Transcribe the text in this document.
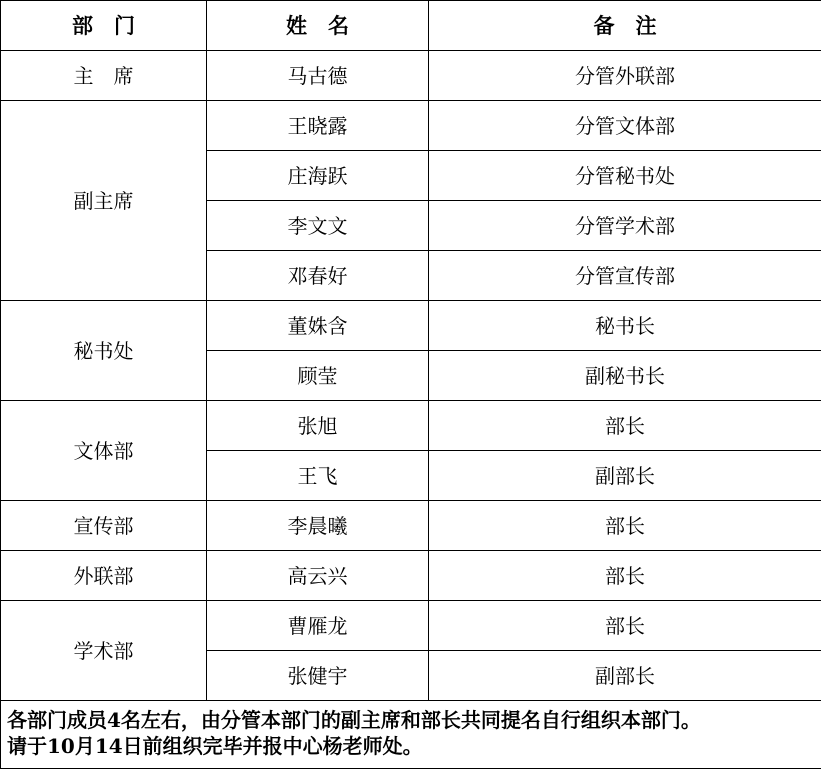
部　门	姓　名	备　注
主　席	马古德	分管外联部
副主席	王晓露	分管文体部
	庄海跃	分管秘书处
	李文文	分管学术部
	邓春好	分管宣传部
秘书处	董姝含	秘书长
	顾莹	副秘书长
文体部	张旭	部长
	王飞	副部长
宣传部	李晨曦	部长
外联部	高云兴	部长
学术部	曹雁龙	部长
	张健宇	副部长

各部门成员4名左右，由分管本部门的副主席和部长共同提名自行组织本部门。
请于10月14日前组织完毕并报中心杨老师处。		
